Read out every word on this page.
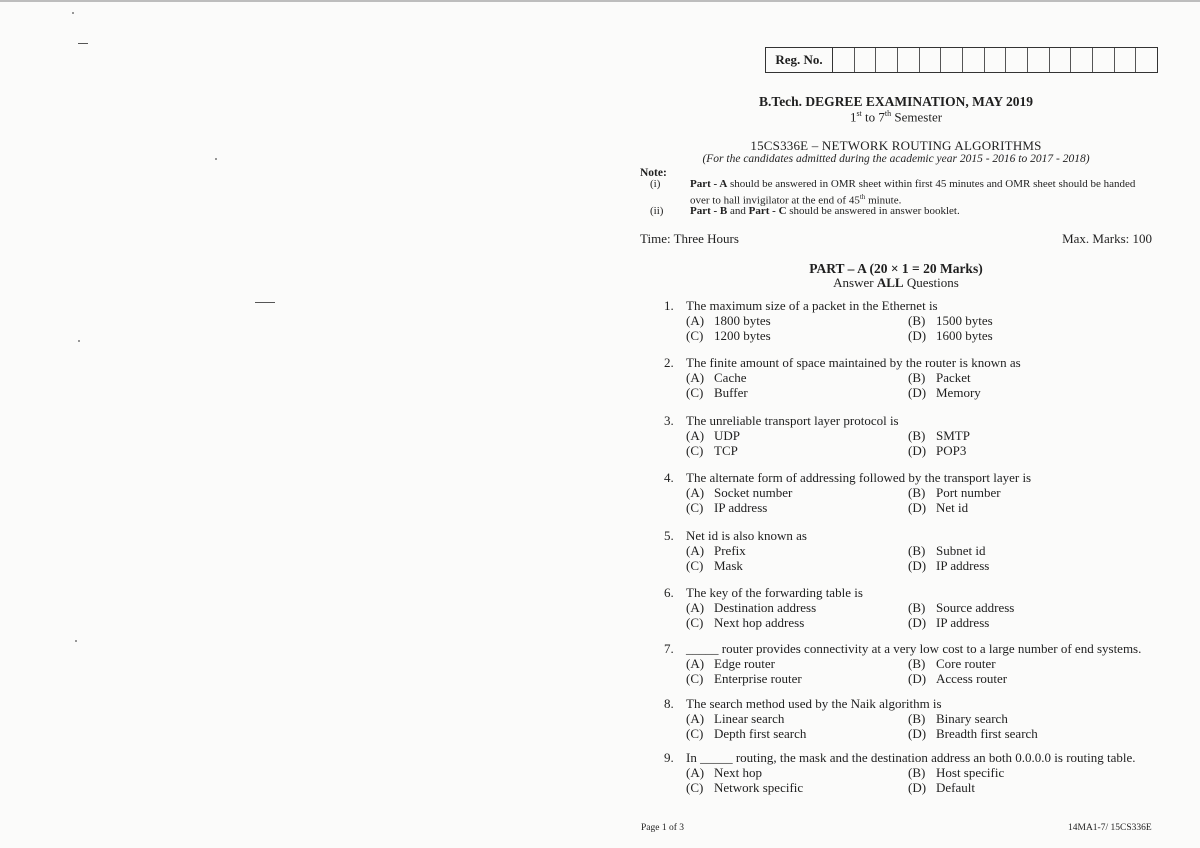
Reg. No.
B.Tech. DEGREE EXAMINATION, MAY 2019
1st to 7th Semester
15CS336E – NETWORK ROUTING ALGORITHMS
(For the candidates admitted during the academic year 2015 - 2016 to 2017 - 2018)
Note:
(i)	Part - A should be answered in OMR sheet within first 45 minutes and OMR sheet should be handed over to hall invigilator at the end of 45th minute.
(ii)	Part - B and Part - C should be answered in answer booklet.
Time: Three Hours	Max. Marks: 100
PART – A (20 × 1 = 20 Marks)
Answer ALL Questions
1. The maximum size of a packet in the Ethernet is
(A) 1800 bytes	(B) 1500 bytes
(C) 1200 bytes	(D) 1600 bytes
2. The finite amount of space maintained by the router is known as
(A) Cache	(B) Packet
(C) Buffer	(D) Memory
3. The unreliable transport layer protocol is
(A) UDP	(B) SMTP
(C) TCP	(D) POP3
4. The alternate form of addressing followed by the transport layer is
(A) Socket number	(B) Port number
(C) IP address	(D) Net id
5. Net id is also known as
(A) Prefix	(B) Subnet id
(C) Mask	(D) IP address
6. The key of the forwarding table is
(A) Destination address	(B) Source address
(C) Next hop address	(D) IP address
7. _____ router provides connectivity at a very low cost to a large number of end systems.
(A) Edge router	(B) Core router
(C) Enterprise router	(D) Access router
8. The search method used by the Naik algorithm is
(A) Linear search	(B) Binary search
(C) Depth first search	(D) Breadth first search
9. In _____ routing, the mask and the destination address an both 0.0.0.0 is routing table.
(A) Next hop	(B) Host specific
(C) Network specific	(D) Default
Page 1 of 3	14MA1-7/ 15CS336E
